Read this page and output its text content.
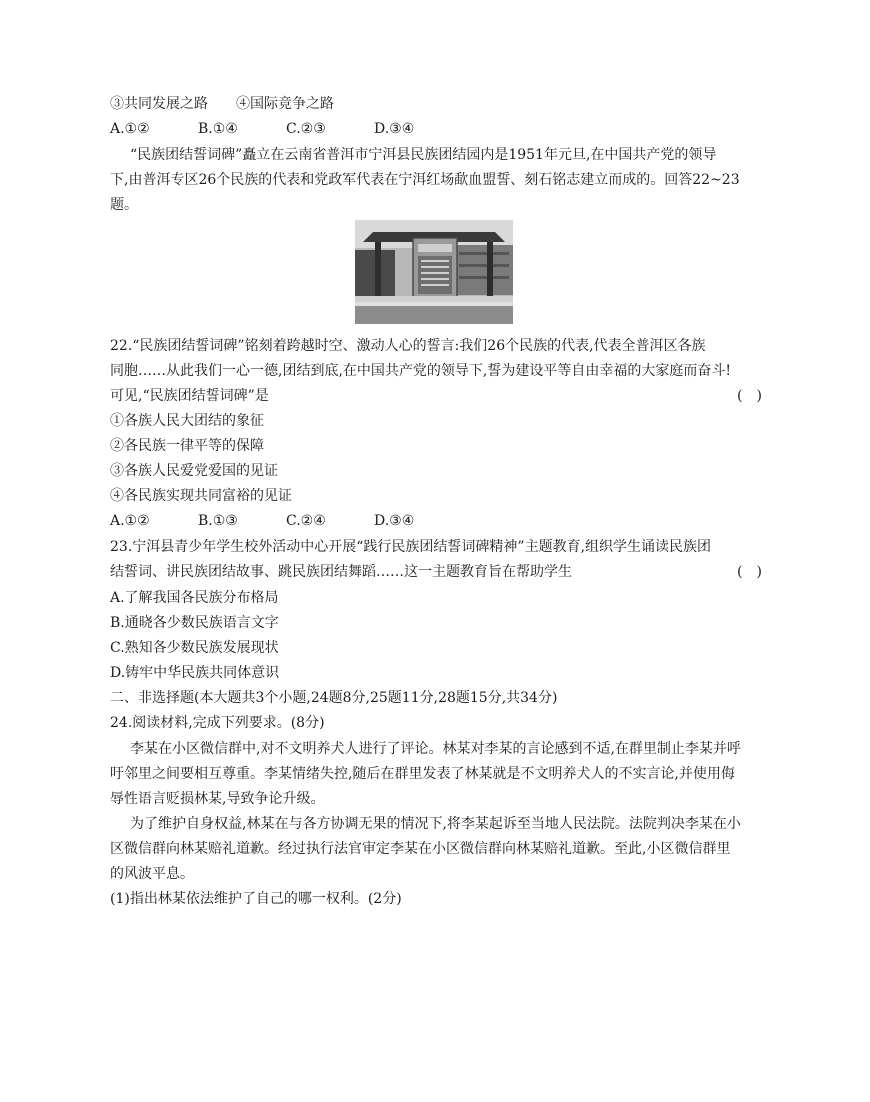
③共同发展之路　　④国际竞争之路
A.①②	B.①④	C.②③	D.③④
“民族团结誓词碑”矗立在云南省普洱市宁洱县民族团结园内是1951年元旦,在中国共产党的领导
下,由普洱专区26个民族的代表和党政军代表在宁洱红场歃血盟誓、刻石铭志建立而成的。回答22~23
题。
22.“民族团结誓词碑”铭刻着跨越时空、激动人心的誓言:我们26个民族的代表,代表全普洱区各族
同胞……从此我们一心一德,团结到底,在中国共产党的领导下,誓为建设平等自由幸福的大家庭而奋斗!
可见,“民族团结誓词碑”是	(　)
①各族人民大团结的象征
②各民族一律平等的保障
③各族人民爱党爱国的见证
④各民族实现共同富裕的见证
A.①②	B.①③	C.②④	D.③④
23.宁洱县青少年学生校外活动中心开展“践行民族团结誓词碑精神”主题教育,组织学生诵读民族团
结誓词、讲民族团结故事、跳民族团结舞蹈……这一主题教育旨在帮助学生	(　)
A.了解我国各民族分布格局
B.通晓各少数民族语言文字
C.熟知各少数民族发展现状
D.铸牢中华民族共同体意识
二、非选择题(本大题共3个小题,24题8分,25题11分,28题15分,共34分)
24.阅读材料,完成下列要求。(8分)
李某在小区微信群中,对不文明养犬人进行了评论。林某对李某的言论感到不适,在群里制止李某并呼
吁邻里之间要相互尊重。李某情绪失控,随后在群里发表了林某就是不文明养犬人的不实言论,并使用侮
辱性语言贬损林某,导致争论升级。
为了维护自身权益,林某在与各方协调无果的情况下,将李某起诉至当地人民法院。法院判决李某在小
区微信群向林某赔礼道歉。经过执行法官审定李某在小区微信群向林某赔礼道歉。至此,小区微信群里
的风波平息。
(1)指出林某依法维护了自己的哪一权利。(2分)
